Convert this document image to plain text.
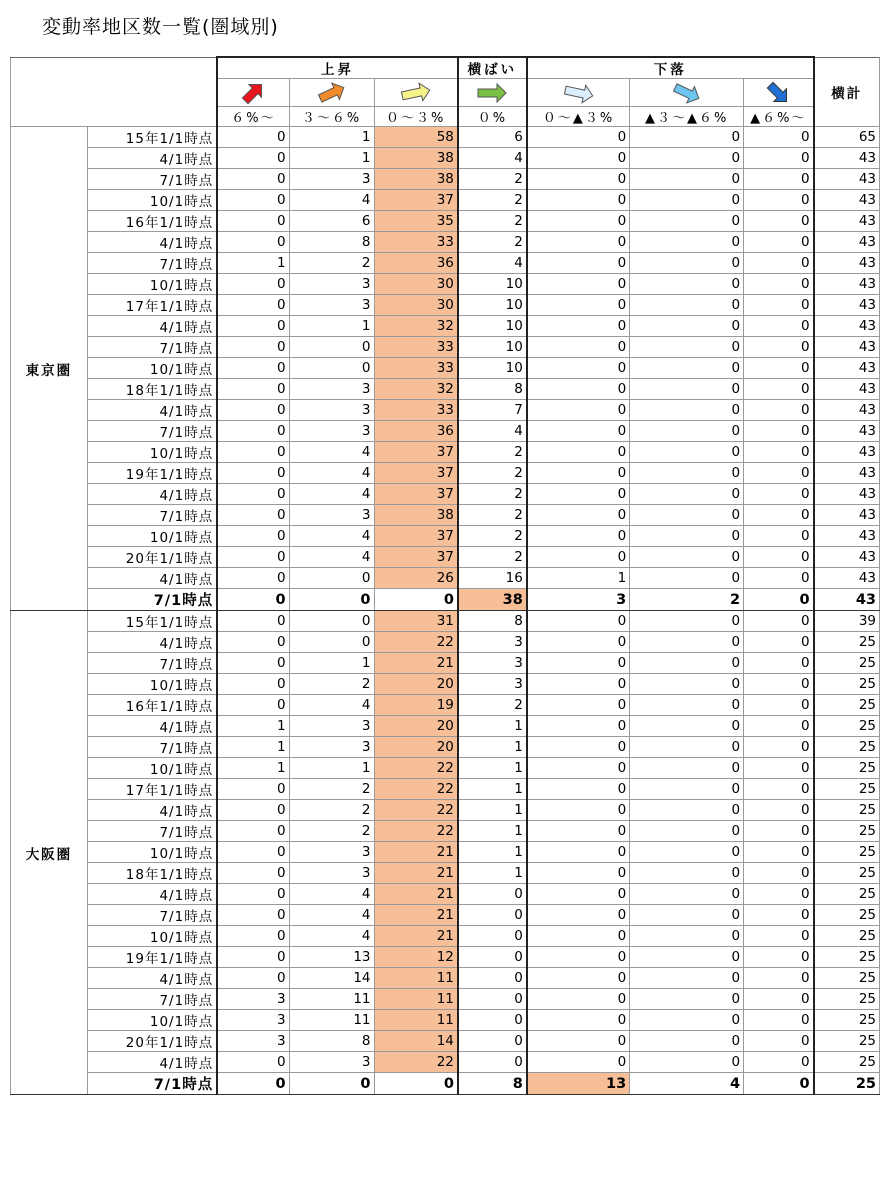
変動率地区数一覧(圏域別)
		上昇			横ばい	下落			横計

		６%～	３～６%	０～３%	０%	０～▲３%	▲３～▲６%	▲６%～	
東京圏	15年1/1時点	0	1	58	6	0	0	0	65
	4/1時点	0	1	38	4	0	0	0	43
	7/1時点	0	3	38	2	0	0	0	43
	10/1時点	0	4	37	2	0	0	0	43
	16年1/1時点	0	6	35	2	0	0	0	43
	4/1時点	0	8	33	2	0	0	0	43
	7/1時点	1	2	36	4	0	0	0	43
	10/1時点	0	3	30	10	0	0	0	43
	17年1/1時点	0	3	30	10	0	0	0	43
	4/1時点	0	1	32	10	0	0	0	43
	7/1時点	0	0	33	10	0	0	0	43
	10/1時点	0	0	33	10	0	0	0	43
	18年1/1時点	0	3	32	8	0	0	0	43
	4/1時点	0	3	33	7	0	0	0	43
	7/1時点	0	3	36	4	0	0	0	43
	10/1時点	0	4	37	2	0	0	0	43
	19年1/1時点	0	4	37	2	0	0	0	43
	4/1時点	0	4	37	2	0	0	0	43
	7/1時点	0	3	38	2	0	0	0	43
	10/1時点	0	4	37	2	0	0	0	43
	20年1/1時点	0	4	37	2	0	0	0	43
	4/1時点	0	0	26	16	1	0	0	43
	7/1時点	0	0	0	38	3	2	0	43
大阪圏	15年1/1時点	0	0	31	8	0	0	0	39
	4/1時点	0	0	22	3	0	0	0	25
	7/1時点	0	1	21	3	0	0	0	25
	10/1時点	0	2	20	3	0	0	0	25
	16年1/1時点	0	4	19	2	0	0	0	25
	4/1時点	1	3	20	1	0	0	0	25
	7/1時点	1	3	20	1	0	0	0	25
	10/1時点	1	1	22	1	0	0	0	25
	17年1/1時点	0	2	22	1	0	0	0	25
	4/1時点	0	2	22	1	0	0	0	25
	7/1時点	0	2	22	1	0	0	0	25
	10/1時点	0	3	21	1	0	0	0	25
	18年1/1時点	0	3	21	1	0	0	0	25
	4/1時点	0	4	21	0	0	0	0	25
	7/1時点	0	4	21	0	0	0	0	25
	10/1時点	0	4	21	0	0	0	0	25
	19年1/1時点	0	13	12	0	0	0	0	25
	4/1時点	0	14	11	0	0	0	0	25
	7/1時点	3	11	11	0	0	0	0	25
	10/1時点	3	11	11	0	0	0	0	25
	20年1/1時点	3	8	14	0	0	0	0	25
	4/1時点	0	3	22	0	0	0	0	25
	7/1時点	0	0	0	8	13	4	0	25
